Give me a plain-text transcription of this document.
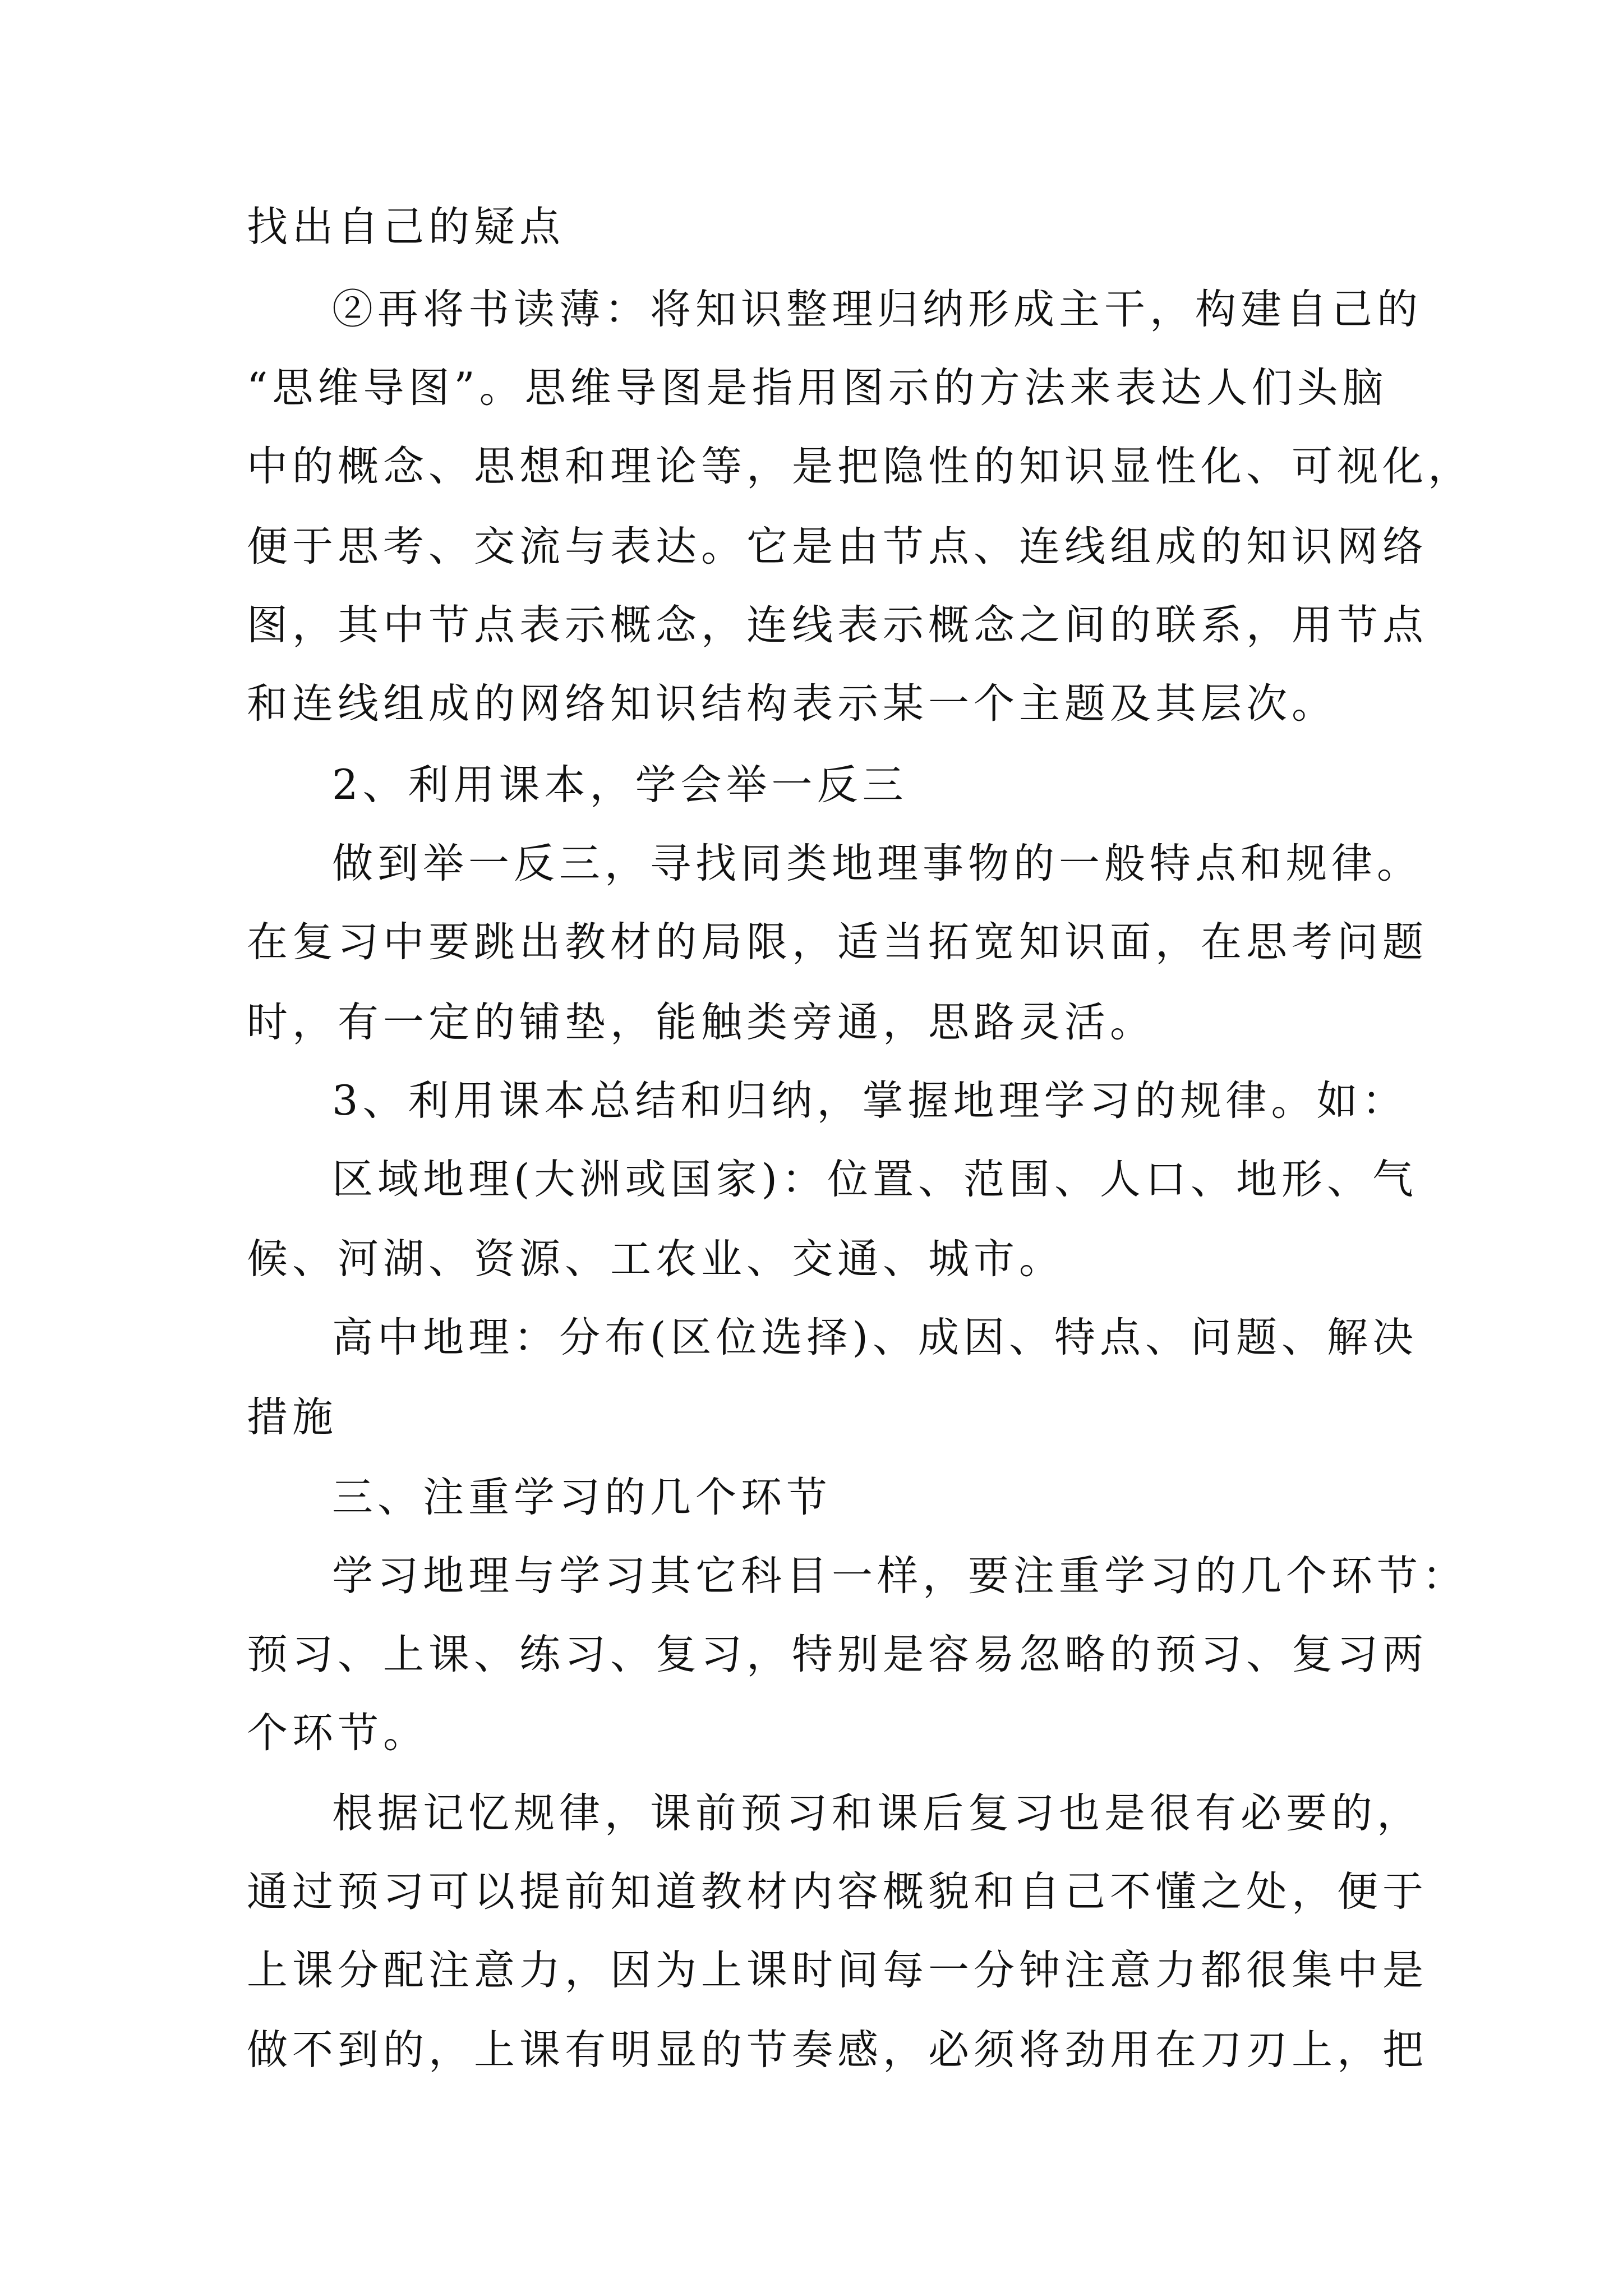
找出自己的疑点
②再将书读薄：将知识整理归纳形成主干，构建自己的
“思维导图”。思维导图是指用图示的方法来表达人们头脑
中的概念、思想和理论等，是把隐性的知识显性化、可视化，
便于思考、交流与表达。它是由节点、连线组成的知识网络
图，其中节点表示概念，连线表示概念之间的联系，用节点
和连线组成的网络知识结构表示某一个主题及其层次。
2、利用课本，学会举一反三
做到举一反三，寻找同类地理事物的一般特点和规律。
在复习中要跳出教材的局限，适当拓宽知识面，在思考问题
时，有一定的铺垫，能触类旁通，思路灵活。
3、利用课本总结和归纳，掌握地理学习的规律。如：
区域地理(大洲或国家)：位置、范围、人口、地形、气
候、河湖、资源、工农业、交通、城市。
高中地理：分布(区位选择)、成因、特点、问题、解决
措施
三、注重学习的几个环节
学习地理与学习其它科目一样，要注重学习的几个环节：
预习、上课、练习、复习，特别是容易忽略的预习、复习两
个环节。
根据记忆规律，课前预习和课后复习也是很有必要的，
通过预习可以提前知道教材内容概貌和自己不懂之处，便于
上课分配注意力，因为上课时间每一分钟注意力都很集中是
做不到的，上课有明显的节奏感，必须将劲用在刀刃上，把
